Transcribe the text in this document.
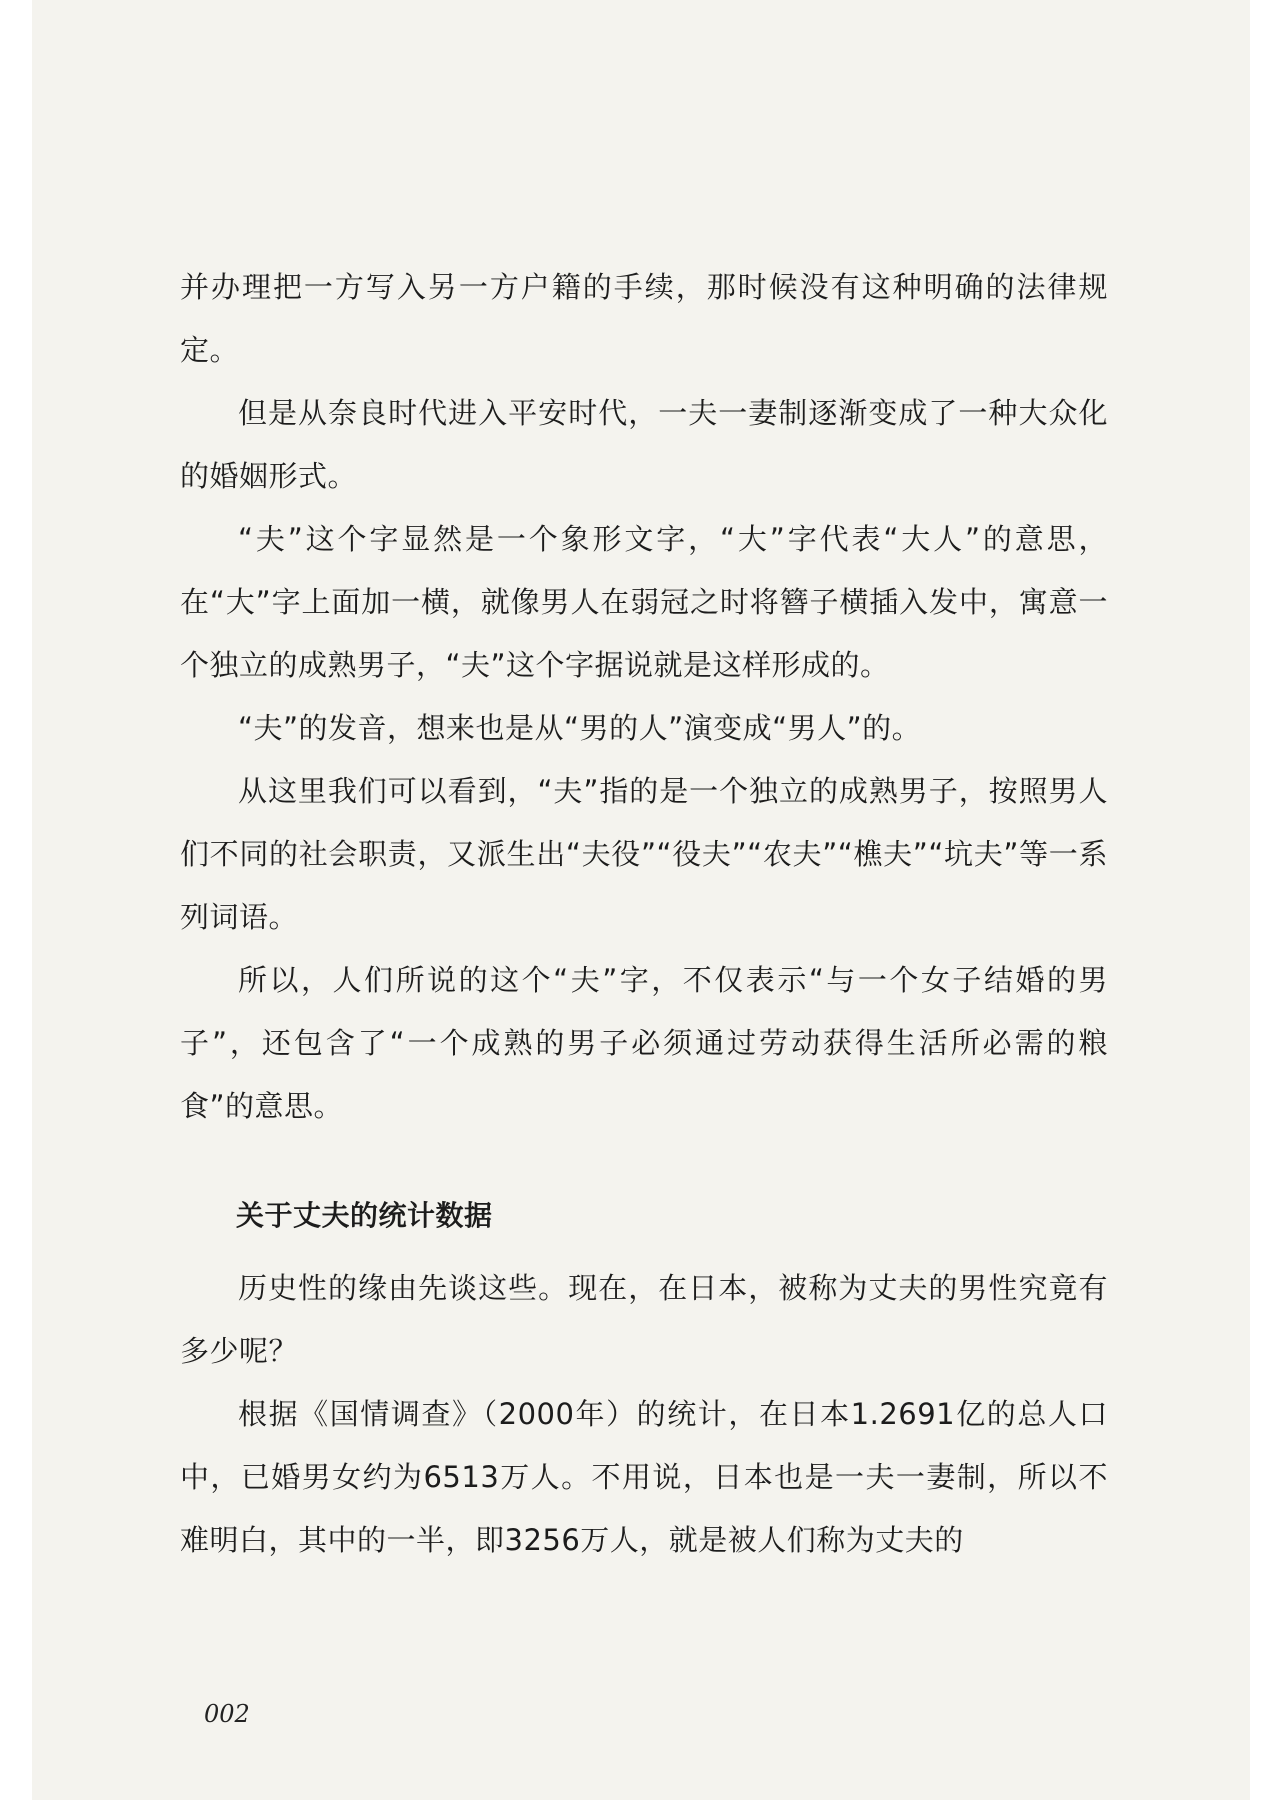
并办理把一方写入另一方户籍的手续，那时候没有这种明确的法律规定。

但是从奈良时代进入平安时代，一夫一妻制逐渐变成了一种大众化的婚姻形式。

“夫”这个字显然是一个象形文字，“大”字代表“大人”的意思，在“大”字上面加一横，就像男人在弱冠之时将簪子横插入发中，寓意一个独立的成熟男子，“夫”这个字据说就是这样形成的。

“夫”的发音，想来也是从“男的人”演变成“男人”的。

从这里我们可以看到，“夫”指的是一个独立的成熟男子，按照男人们不同的社会职责，又派生出“夫役”“役夫”“农夫”“樵夫”“坑夫”等一系列词语。

所以，人们所说的这个“夫”字，不仅表示“与一个女子结婚的男子”，还包含了“一个成熟的男子必须通过劳动获得生活所必需的粮食”的意思。

关于丈夫的统计数据

历史性的缘由先谈这些。现在，在日本，被称为丈夫的男性究竟有多少呢？

根据《国情调查》（2000年）的统计，在日本1.2691亿的总人口中，已婚男女约为6513万人。不用说，日本也是一夫一妻制，所以不难明白，其中的一半，即3256万人，就是被人们称为丈夫的

002
